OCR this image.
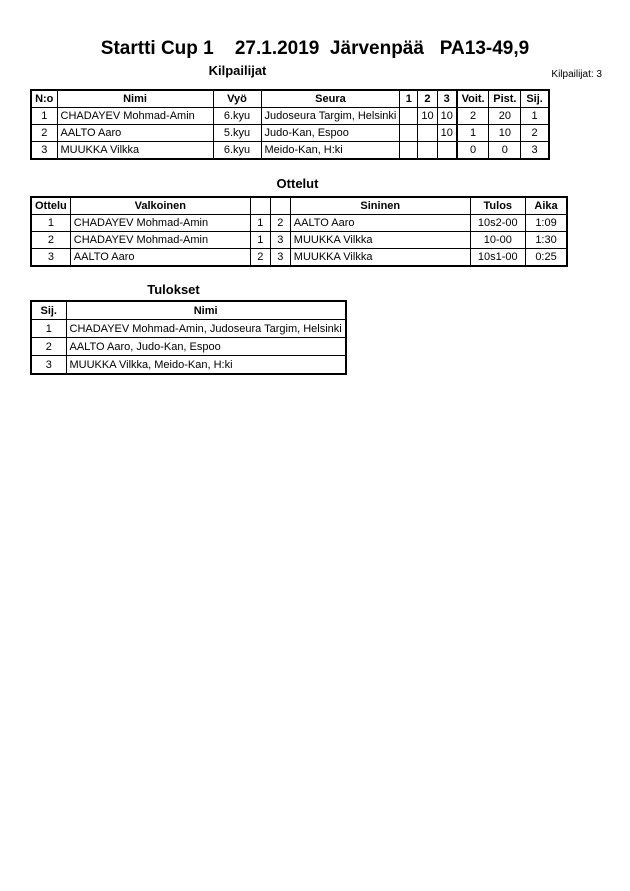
Startti Cup 1    27.1.2019  Järvenpää   PA13-49,9
Kilpailijat: 3
Kilpailijat
N:o	Nimi	Vyö	Seura	1	2	3	Voit.	Pist.	Sij.
1	CHADAYEV Mohmad-Amin	6.kyu	Judoseura Targim, Helsinki		10	10	2	20	1
2	AALTO Aaro	5.kyu	Judo-Kan, Espoo			10	1	10	2
3	MUUKKA Vilkka	6.kyu	Meido-Kan, H:ki				0	0	3
Ottelut
Ottelu	Valkoinen			Sininen	Tulos	Aika
1	CHADAYEV Mohmad-Amin	1	2	AALTO Aaro	10s2-00	1:09
2	CHADAYEV Mohmad-Amin	1	3	MUUKKA Vilkka	10-00	1:30
3	AALTO Aaro	2	3	MUUKKA Vilkka	10s1-00	0:25
Tulokset
Sij.	Nimi
1	CHADAYEV Mohmad-Amin, Judoseura Targim, Helsinki
2	AALTO Aaro, Judo-Kan, Espoo
3	MUUKKA Vilkka, Meido-Kan, H:ki
